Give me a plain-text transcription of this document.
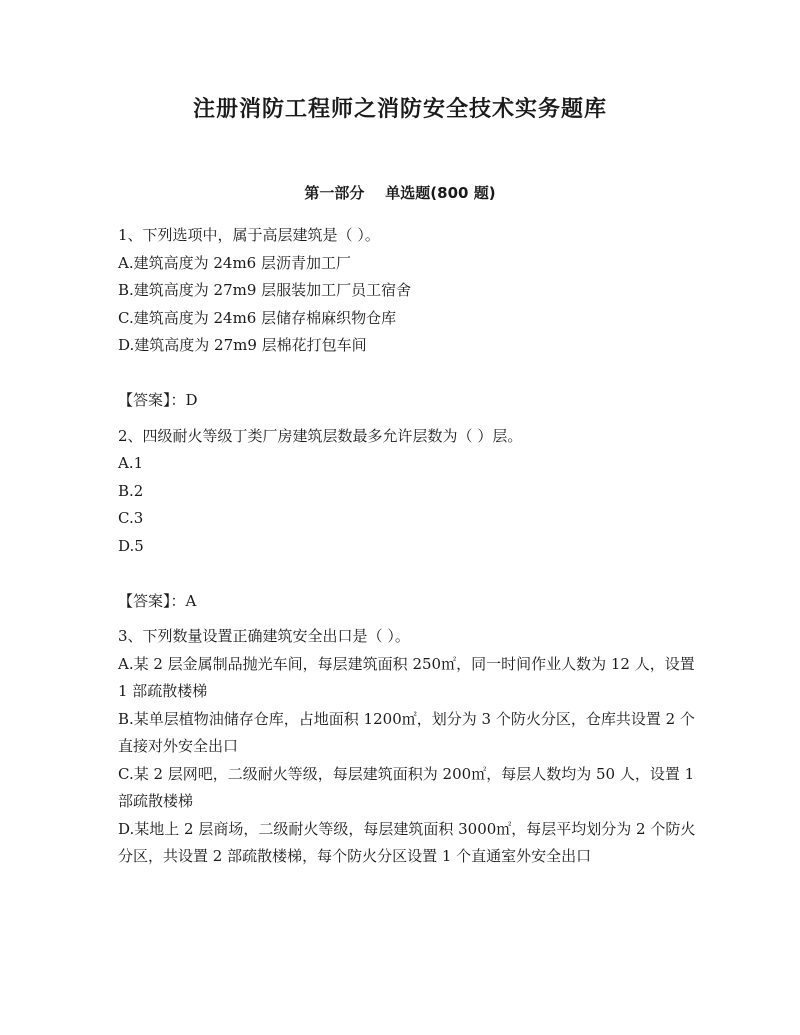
注册消防工程师之消防安全技术实务题库
第一部分    单选题(800 题)

1、下列选项中，属于高层建筑是（ ）。

A.建筑高度为 24m6 层沥青加工厂

B.建筑高度为 27m9 层服装加工厂员工宿舍

C.建筑高度为 24m6 层储存棉麻织物仓库

D.建筑高度为 27m9 层棉花打包车间

【答案】：D

2、四级耐火等级丁类厂房建筑层数最多允许层数为（ ）层。

A.1

B.2

C.3

D.5

【答案】：A

3、下列数量设置正确建筑安全出口是（ ）。

A.某 2 层金属制品抛光车间，每层建筑面积 250㎡，同一时间作业人数为 12 人，设置 1 部疏散楼梯

B.某单层植物油储存仓库，占地面积 1200㎡，划分为 3 个防火分区，仓库共设置 2 个直接对外安全出口

C.某 2 层网吧，二级耐火等级，每层建筑面积为 200㎡，每层人数均为 50 人，设置 1 部疏散楼梯

D.某地上 2 层商场，二级耐火等级，每层建筑面积 3000㎡，每层平均划分为 2 个防火分区，共设置 2 部疏散楼梯，每个防火分区设置 1 个直通室外安全出口
